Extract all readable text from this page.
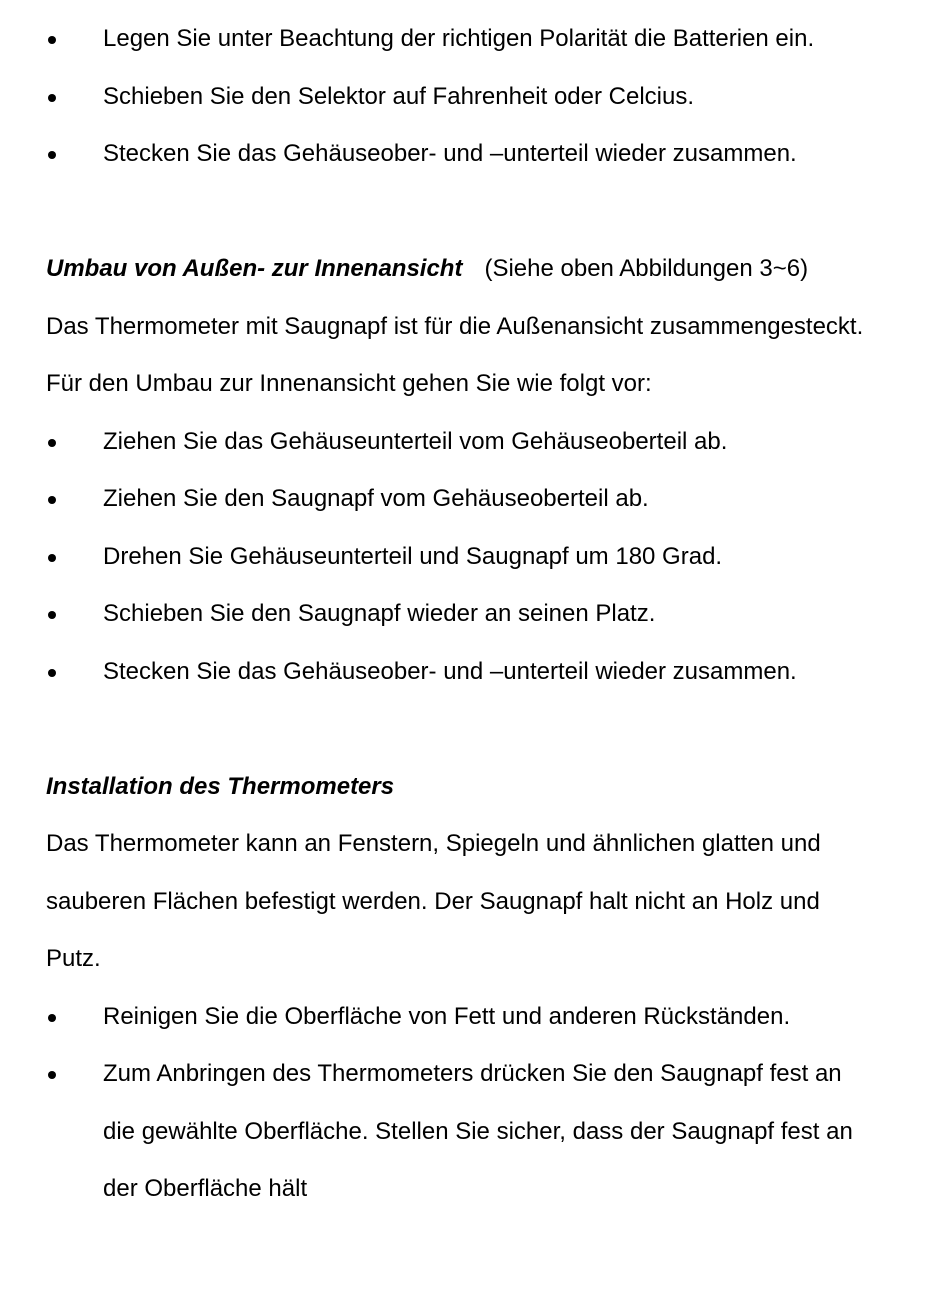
Legen Sie unter Beachtung der richtigen Polarität die Batterien ein.
Schieben Sie den Selektor auf Fahrenheit oder Celcius.
Stecken Sie das Gehäuseober- und –unterteil wieder zusammen.
Umbau von Außen- zur Innenansicht (Siehe oben Abbildungen 3~6)
Das Thermometer mit Saugnapf ist für die Außenansicht zusammengesteckt.
Für den Umbau zur Innenansicht gehen Sie wie folgt vor:
Ziehen Sie das Gehäuseunterteil vom Gehäuseoberteil ab.
Ziehen Sie den Saugnapf vom Gehäuseoberteil ab.
Drehen Sie Gehäuseunterteil und Saugnapf um 180 Grad.
Schieben Sie den Saugnapf wieder an seinen Platz.
Stecken Sie das Gehäuseober- und –unterteil wieder zusammen.
Installation des Thermometers
Das Thermometer kann an Fenstern, Spiegeln und ähnlichen glatten und
sauberen Flächen befestigt werden. Der Saugnapf halt nicht an Holz und
Putz.
Reinigen Sie die Oberfläche von Fett und anderen Rückständen.
Zum Anbringen des Thermometers drücken Sie den Saugnapf fest an
die gewählte Oberfläche. Stellen Sie sicher, dass der Saugnapf fest an
der Oberfläche hält
